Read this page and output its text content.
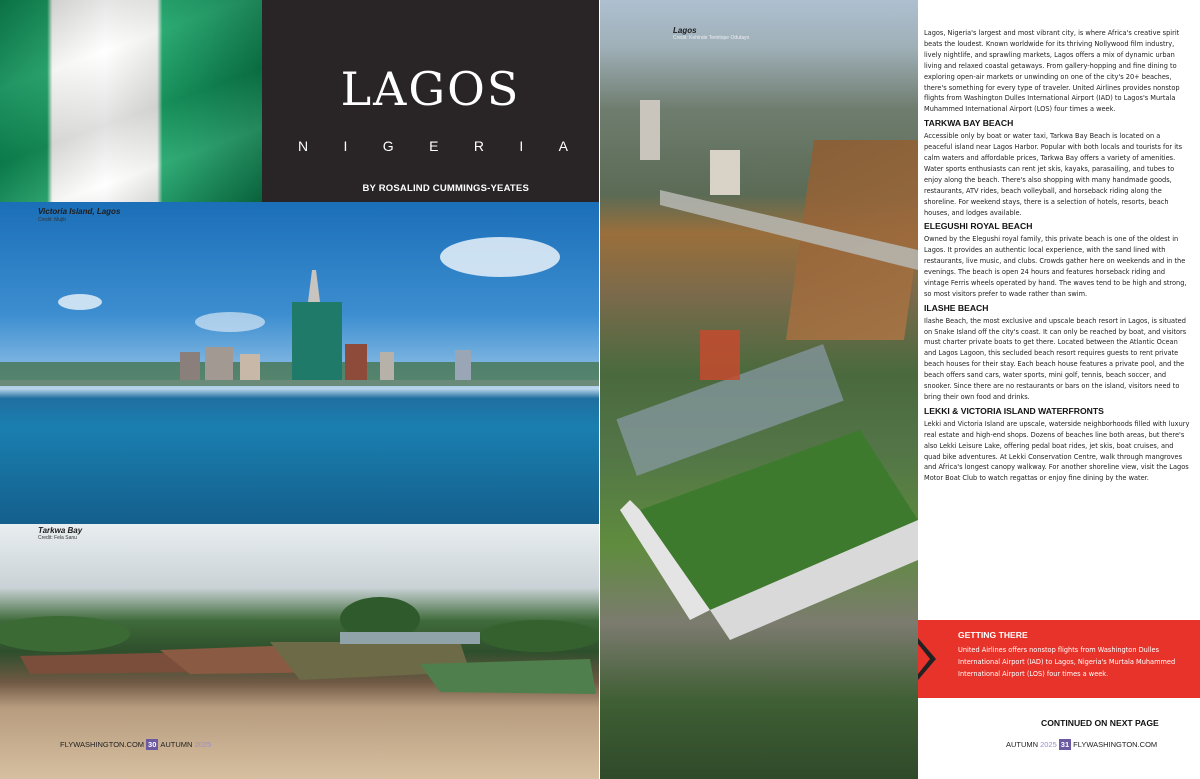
LAGOS
N	I	G	E	R	I	A
BY ROSALIND CUMMINGS-YEATES
Victoria Island, Lagos
Credit: Mujib
Tarkwa Bay
Credit: Fela Sanu
FLYWASHINGTON.COM 30 AUTUMN 2025
Lagos
Credit: Kehinde Temitope Odutayo

Lagos, Nigeria's largest and most vibrant city, is where Africa's creative spirit beats the loudest. Known worldwide for its thriving Nollywood film industry, lively nightlife, and sprawling markets, Lagos offers a mix of dynamic urban living and relaxed coastal getaways. From gallery-hopping and fine dining to exploring open-air markets or unwinding on one of the city's 20+ beaches, there's something for every type of traveler. United Airlines provides nonstop flights from Washington Dulles International Airport (IAD) to Lagos's Murtala Muhammed International Airport (LOS) four times a week.

TARKWA BAY BEACH

Accessible only by boat or water taxi, Tarkwa Bay Beach is located on a peaceful island near Lagos Harbor. Popular with both locals and tourists for its calm waters and affordable prices, Tarkwa Bay offers a variety of amenities. Water sports enthusiasts can rent jet skis, kayaks, parasailing, and tubes to enjoy along the beach. There's also shopping with many handmade goods, restaurants, ATV rides, beach volleyball, and horseback riding along the shoreline. For weekend stays, there is a selection of hotels, resorts, beach houses, and lodges available.

ELEGUSHI ROYAL BEACH

Owned by the Elegushi royal family, this private beach is one of the oldest in Lagos. It provides an authentic local experience, with the sand lined with restaurants, live music, and clubs. Crowds gather here on weekends and in the evenings. The beach is open 24 hours and features horseback riding and vintage Ferris wheels operated by hand. The waves tend to be high and strong, so most visitors prefer to wade rather than swim.

ILASHE BEACH

Ilashe Beach, the most exclusive and upscale beach resort in Lagos, is situated on Snake Island off the city's coast. It can only be reached by boat, and visitors must charter private boats to get there. Located between the Atlantic Ocean and Lagos Lagoon, this secluded beach resort requires guests to rent private beach houses for their stay. Each beach house features a private pool, and the beach offers sand cars, water sports, mini golf, tennis, beach soccer, and snooker. Since there are no restaurants or bars on the island, visitors need to bring their own food and drinks.

LEKKI & VICTORIA ISLAND WATERFRONTS

Lekki and Victoria Island are upscale, waterside neighborhoods filled with luxury real estate and high-end shops. Dozens of beaches line both areas, but there's also Lekki Leisure Lake, offering pedal boat rides, jet skis, boat cruises, and quad bike adventures. At Lekki Conservation Centre, walk through mangroves and Africa's longest canopy walkway. For another shoreline view, visit the Lagos Motor Boat Club to watch regattas or enjoy fine dining by the water.

GETTING THERE

United Airlines offers nonstop flights from Washington Dulles International Airport (IAD) to Lagos, Nigeria's Murtala Muhammed International Airport (LOS) four times a week.

CONTINUED ON NEXT PAGE
AUTUMN 2025 31 FLYWASHINGTON.COM
